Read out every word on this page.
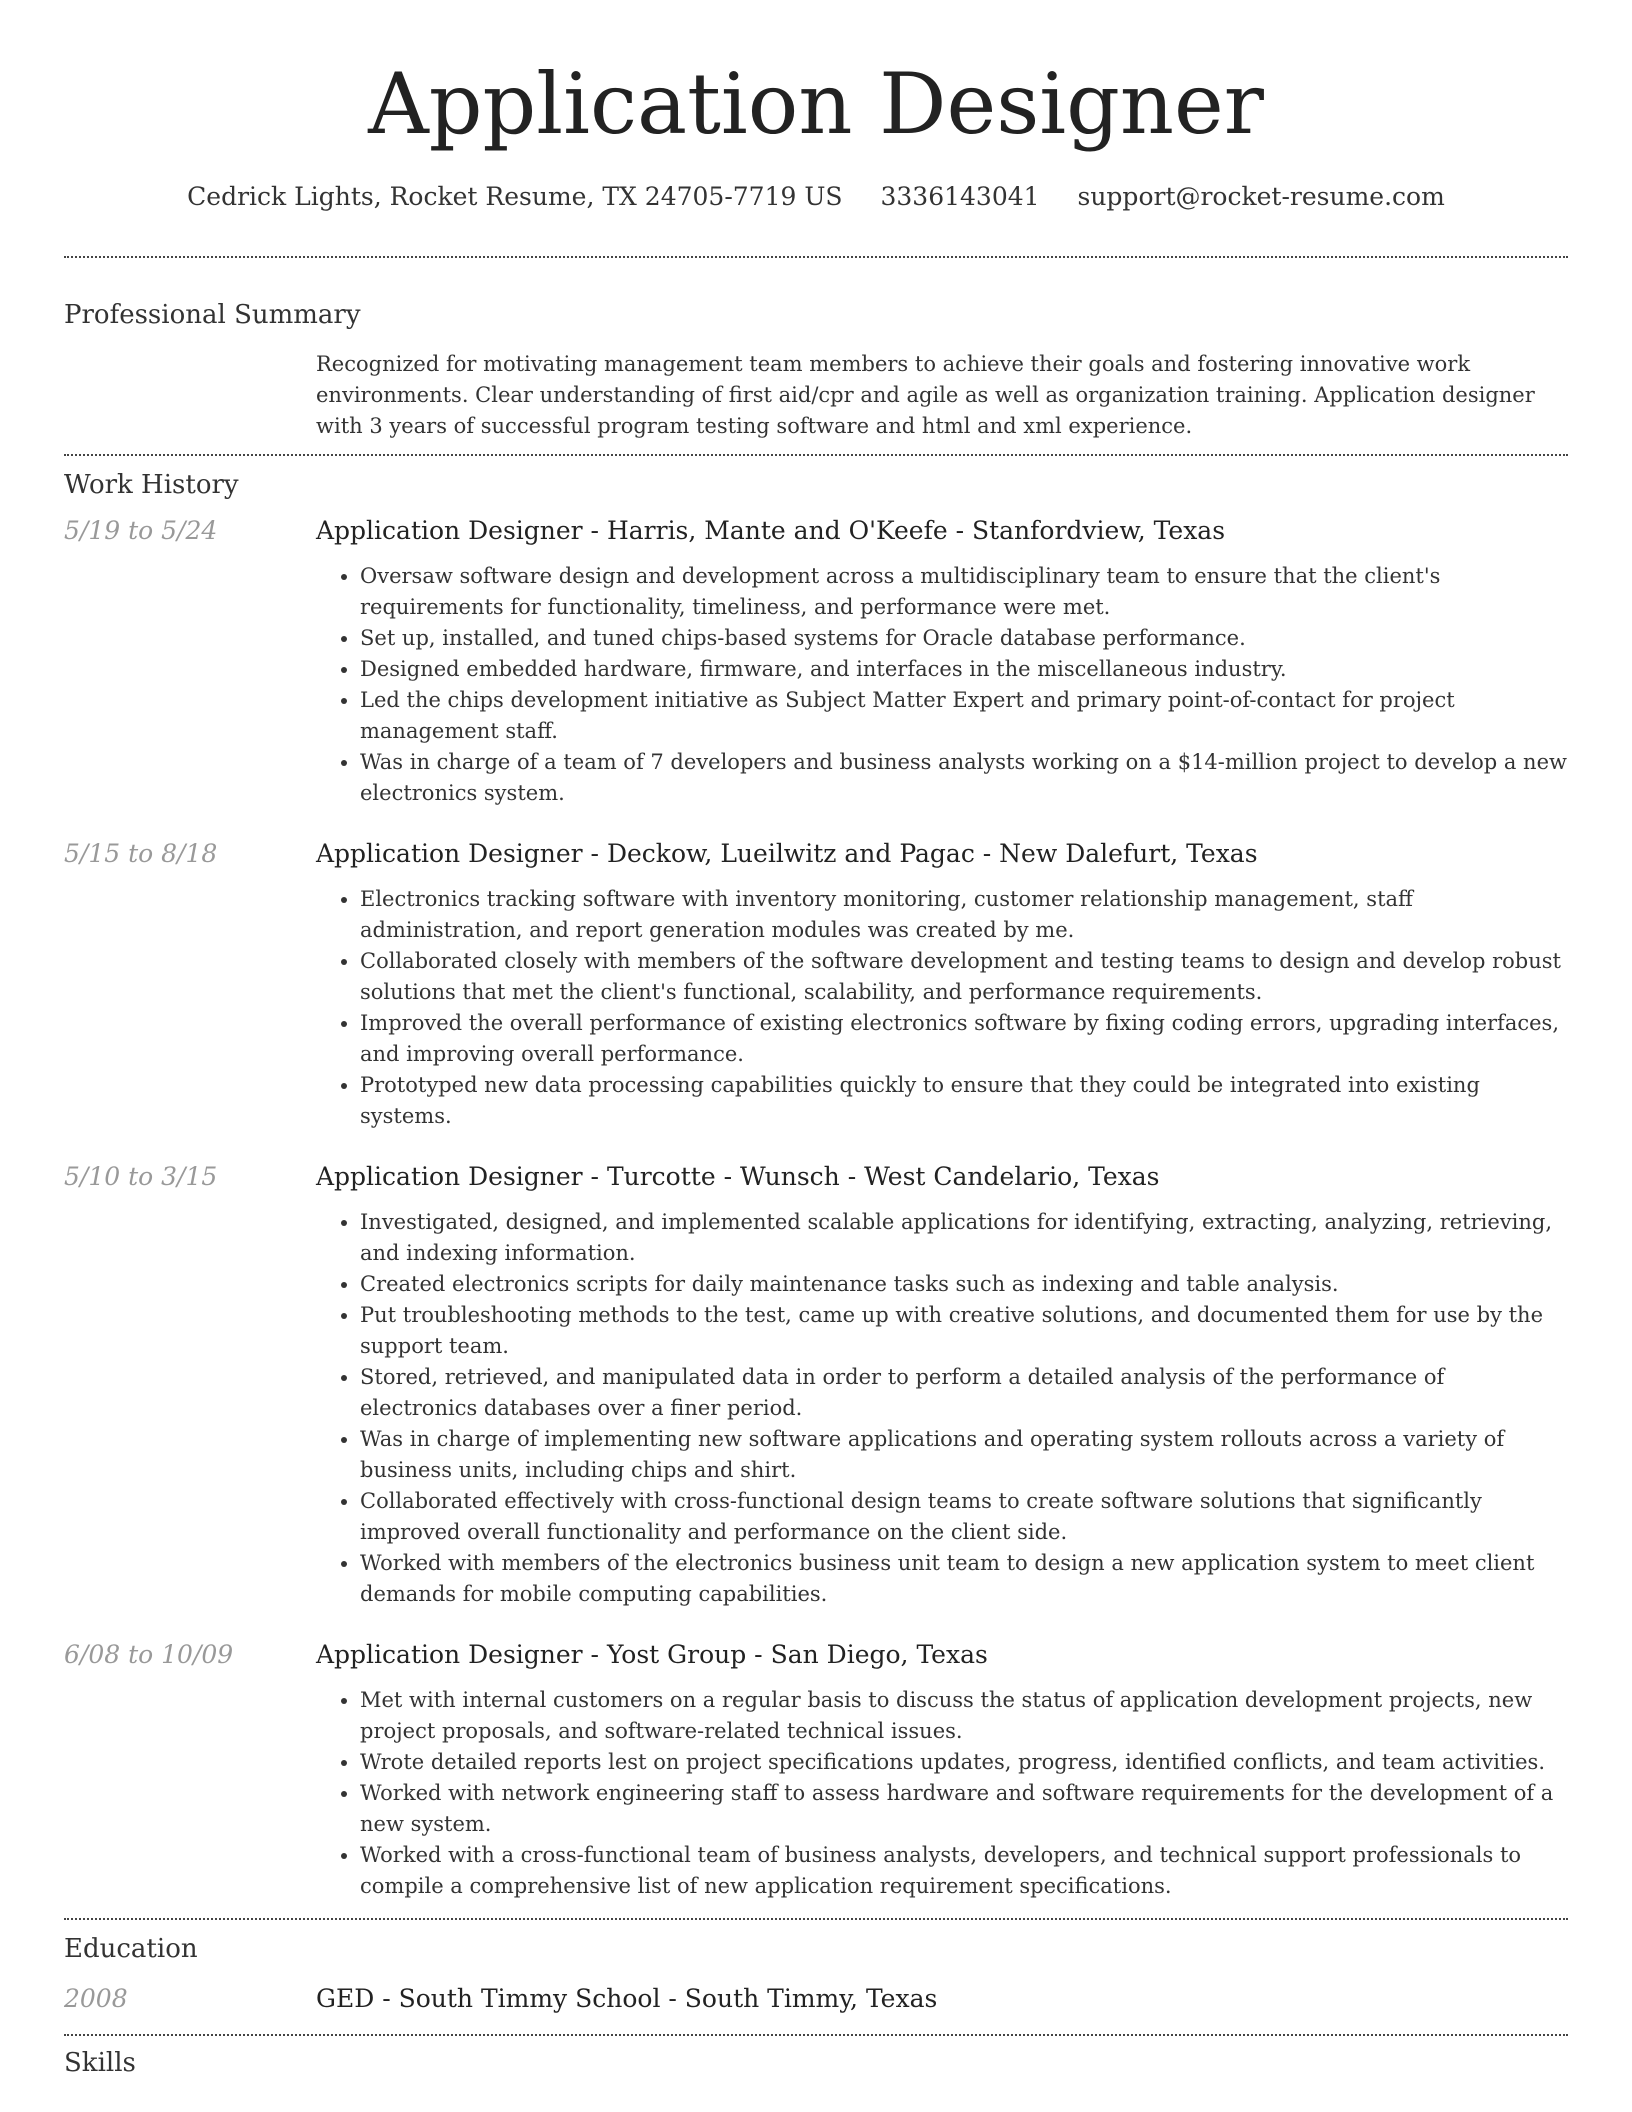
Application Designer
Cedrick Lights, Rocket Resume, TX 24705-7719 US 3336143041 support@rocket-resume.com
Professional Summary

Recognized for motivating management team members to achieve their goals and fostering innovative work environments. Clear understanding of first aid/cpr and agile as well as organization training. Application designer with 3 years of successful program testing software and html and xml experience.

Work History
5/19 to 5/24	Application Designer - Harris, Mante and O'Keefe - Stanfordview, Texas
• Oversaw software design and development across a multidisciplinary team to ensure that the client's requirements for functionality, timeliness, and performance were met.
• Set up, installed, and tuned chips-based systems for Oracle database performance.
• Designed embedded hardware, firmware, and interfaces in the miscellaneous industry.
• Led the chips development initiative as Subject Matter Expert and primary point-of-contact for project management staff.
• Was in charge of a team of 7 developers and business analysts working on a $14-million project to develop a new electronics system.
5/15 to 8/18	Application Designer - Deckow, Lueilwitz and Pagac - New Dalefurt, Texas
• Electronics tracking software with inventory monitoring, customer relationship management, staff administration, and report generation modules was created by me.
• Collaborated closely with members of the software development and testing teams to design and develop robust solutions that met the client's functional, scalability, and performance requirements.
• Improved the overall performance of existing electronics software by fixing coding errors, upgrading interfaces, and improving overall performance.
• Prototyped new data processing capabilities quickly to ensure that they could be integrated into existing systems.
5/10 to 3/15	Application Designer - Turcotte - Wunsch - West Candelario, Texas
• Investigated, designed, and implemented scalable applications for identifying, extracting, analyzing, retrieving, and indexing information.
• Created electronics scripts for daily maintenance tasks such as indexing and table analysis.
• Put troubleshooting methods to the test, came up with creative solutions, and documented them for use by the support team.
• Stored, retrieved, and manipulated data in order to perform a detailed analysis of the performance of electronics databases over a finer period.
• Was in charge of implementing new software applications and operating system rollouts across a variety of business units, including chips and shirt.
• Collaborated effectively with cross-functional design teams to create software solutions that significantly improved overall functionality and performance on the client side.
• Worked with members of the electronics business unit team to design a new application system to meet client demands for mobile computing capabilities.
6/08 to 10/09	Application Designer - Yost Group - San Diego, Texas
• Met with internal customers on a regular basis to discuss the status of application development projects, new project proposals, and software-related technical issues.
• Wrote detailed reports lest on project specifications updates, progress, identified conflicts, and team activities.
• Worked with network engineering staff to assess hardware and software requirements for the development of a new system.
• Worked with a cross-functional team of business analysts, developers, and technical support professionals to compile a comprehensive list of new application requirement specifications.
Education
2008	GED - South Timmy School - South Timmy, Texas
Skills
